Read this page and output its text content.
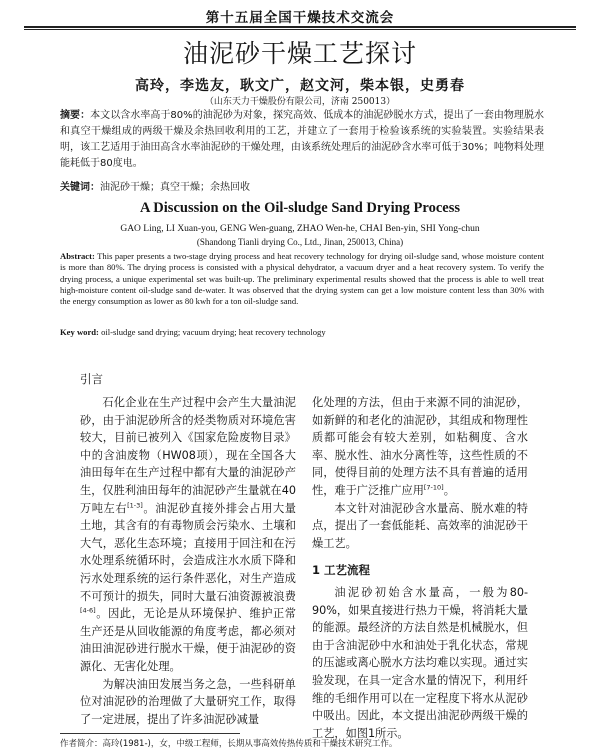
第十五届全国干燥技术交流会
油泥砂干燥工艺探讨
高玲，李选友，耿文广，赵文河，柴本银，史勇春
（山东天力干燥股份有限公司，济南 250013）
摘要：本文以含水率高于80%的油泥砂为对象，探究高效、低成本的油泥砂脱水方式，提出了一套由物理脱水和真空干燥组成的两级干燥及余热回收利用的工艺，并建立了一套用于检验该系统的实验装置。实验结果表明，该工艺适用于油田高含水率油泥砂的干燥处理，由该系统处理后的油泥砂含水率可低于30%；吨物料处理能耗低于80度电。
关键词：油泥砂干燥；真空干燥；余热回收
A Discussion on the Oil-sludge Sand Drying Process
GAO Ling, LI Xuan-you, GENG Wen-guang, ZHAO Wen-he, CHAI Ben-yin, SHI Yong-chun
(Shandong Tianli drying Co., Ltd., Jinan, 250013, China)
Abstract: This paper presents a two-stage drying process and heat recovery technology for drying oil-sludge sand, whose moisture content is more than 80%. The drying process is consisted with a physical dehydrator, a vacuum dryer and a heat recovery system. To verify the drying process, a unique experimental set was built-up. The preliminary experimental results showed that the process is able to well treat high-moisture content oil-sludge sand de-water. It was observed that the drying system can get a low moisture content less than 30% with the energy consumption as lower as 80 kwh for a ton oil-sludge sand.
Key word: oil-sludge sand drying; vacuum drying; heat recovery technology
引言

石化企业在生产过程中会产生大量油泥砂，由于油泥砂所含的烃类物质对环境危害较大，目前已被列入《国家危险废物目录》中的含油废物（HW08项），现在全国各大油田每年在生产过程中都有大量的油泥砂产生，仅胜利油田每年的油泥砂产生量就在40万吨左右[1-3]。油泥砂直接外排会占用大量土地，其含有的有毒物质会污染水、土壤和大气，恶化生态环境；直接用于回注和在污水处理系统循环时，会造成注水水质下降和污水处理系统的运行条件恶化，对生产造成不可预计的损失，同时大量石油资源被浪费[4-6]。因此，无论是从环境保护、维护正常生产还是从回收能源的角度考虑，都必须对油田油泥砂进行脱水干燥，便于油泥砂的资源化、无害化处理。

为解决油田发展当务之急，一些科研单位对油泥砂的治理做了大量研究工作，取得了一定进展，提出了许多油泥砂减量

化处理的方法，但由于来源不同的油泥砂，如新鲜的和老化的油泥砂，其组成和物理性质都可能会有较大差别，如粘稠度、含水率、脱水性、油水分离性等，这些性质的不同，使得目前的处理方法不具有普遍的适用性，难于广泛推广应用[7-10]。

本文针对油泥砂含水量高、脱水难的特点，提出了一套低能耗、高效率的油泥砂干燥工艺。

1 工艺流程

油泥砂初始含水量高，一般为80-90%，如果直接进行热力干燥，将消耗大量的能源。最经济的方法自然是机械脱水，但由于含油泥砂中水和油处于乳化状态，常规的压滤或离心脱水方法均难以实现。通过实验发现，在具一定含水量的情况下，利用纤维的毛细作用可以在一定程度下将水从泥砂中吸出。因此，本文提出油泥砂两级干燥的工艺，如图1所示。

作者简介：高玲(1981-)，女，中级工程师，长期从事高效传热传质和干燥技术研究工作。
